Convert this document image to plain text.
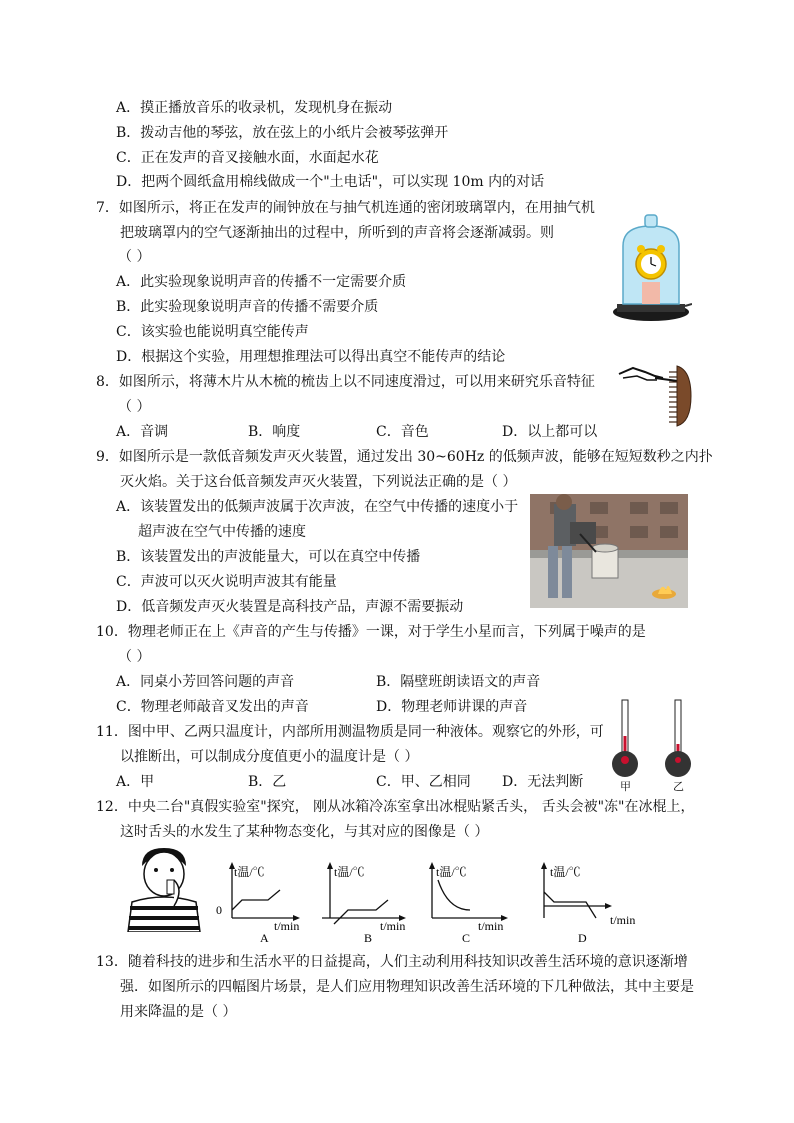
A．摸正播放音乐的收录机，发现机身在振动
B．拨动吉他的琴弦，放在弦上的小纸片会被琴弦弹开
C．正在发声的音叉接触水面，水面起水花
D．把两个圆纸盒用棉线做成一个"土电话"，可以实现 10m 内的对话
7．如图所示，将正在发声的闹钟放在与抽气机连通的密闭玻璃罩内，在用抽气机
把玻璃罩内的空气逐渐抽出的过程中，所听到的声音将会逐渐减弱。则
（ ）
A．此实验现象说明声音的传播不一定需要介质
B．此实验现象说明声音的传播不需要介质
C．该实验也能说明真空能传声
D．根据这个实验，用理想推理法可以得出真空不能传声的结论
8．如图所示，将薄木片从木梳的梳齿上以不同速度滑过，可以用来研究乐音特征
（ ）
A．音调	B．响度	C．音色	D．以上都可以
9．如图所示是一款低音频发声灭火装置，通过发出 30~60Hz 的低频声波，能够在短短数秒之内扑
灭火焰。关于这台低音频发声灭火装置，下列说法正确的是（ ）
A．该装置发出的低频声波属于次声波，在空气中传播的速度小于
超声波在空气中传播的速度
B．该装置发出的声波能量大，可以在真空中传播
C．声波可以灭火说明声波其有能量
D．低音频发声灭火装置是高科技产品，声源不需要振动
10．物理老师正在上《声音的产生与传播》一课，对于学生小星而言，下列属于噪声的是
（ ）
A．同桌小芳回答问题的声音	B．隔壁班朗读语文的声音
C．物理老师敲音叉发出的声音	D．物理老师讲课的声音
11．图中甲、乙两只温度计，内部所用测温物质是同一种液体。观察它的外形，可
以推断出，可以制成分度值更小的温度计是（ ）
A．甲	B．乙	C．甲、乙相同 D．无法判断	甲	乙
12．中央二台"真假实验室"探究， 刚从冰箱冷冻室拿出冰棍贴紧舌头， 舌头会被"冻"在冰棍上，
这时舌头的水发生了某种物态变化，与其对应的图像是（ ）
t温/℃
0
t/min
A
t温/℃
t/min
B
t温/℃
t/min
C
t温/℃
t/min
D
13．随着科技的进步和生活水平的日益提高，人们主动利用科技知识改善生活环境的意识逐渐增
强．如图所示的四幅图片场景，是人们应用物理知识改善生活环境的下几种做法，其中主要是
用来降温的是（ ）
